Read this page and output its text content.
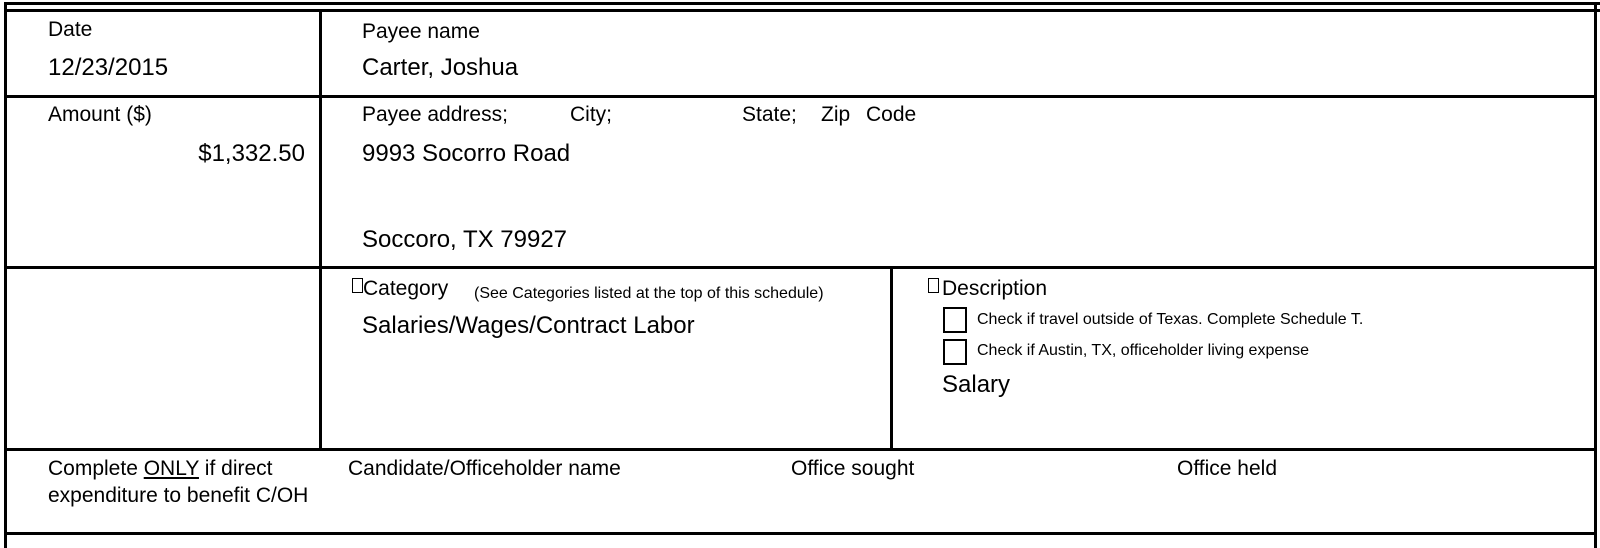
Date
12/23/2015
Payee name
Carter, Joshua
Amount ($)
$1,332.50
Payee address;	City;	State; Zip Code
9993 Socorro Road
Soccoro, TX 79927
Category (See Categories listed at the top of this schedule)
Salaries/Wages/Contract Labor
Description
Check if travel outside of Texas. Complete Schedule T.
Check if Austin, TX, officeholder living expense
Salary
Complete ONLY if direct
expenditure to benefit C/OH
Candidate/Officeholder name	Office sought	Office held
